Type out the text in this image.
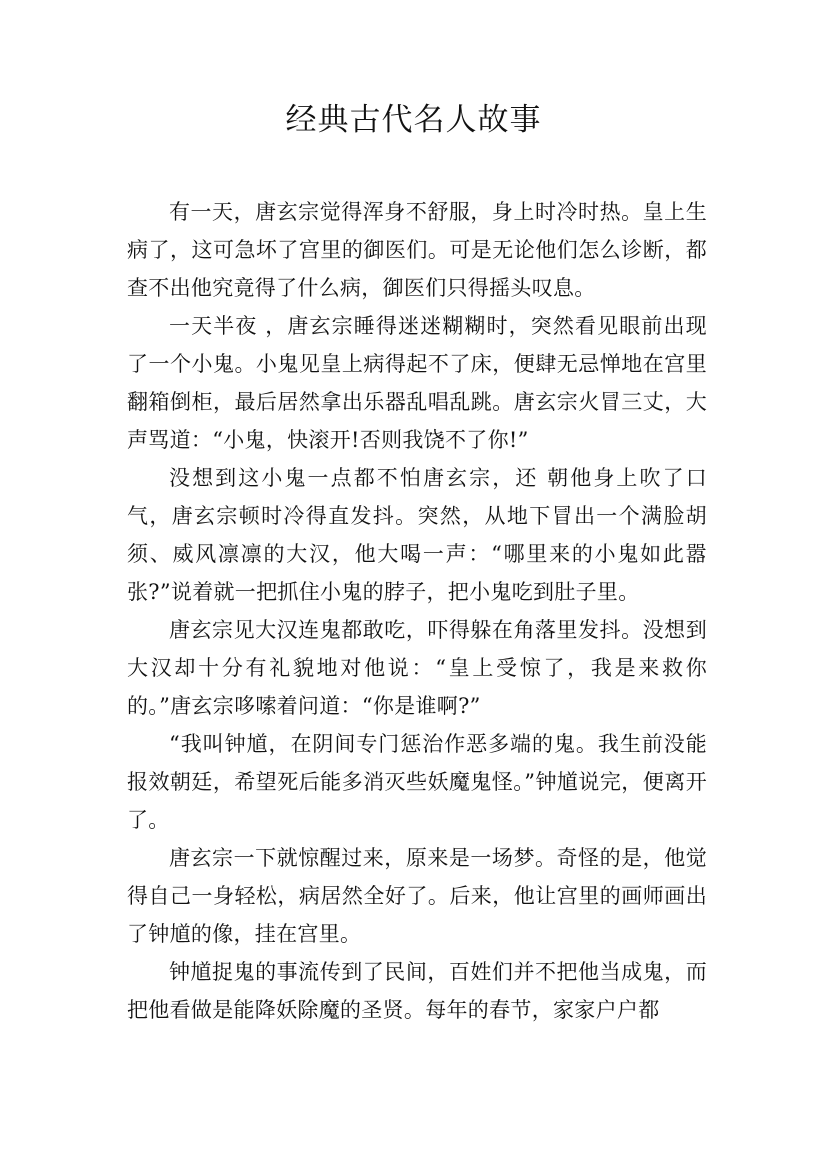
经典古代名人故事

有一天，唐玄宗觉得浑身不舒服，身上时冷时热。皇上生病了，这可急坏了宫里的御医们。可是无论他们怎么诊断，都查不出他究竟得了什么病，御医们只得摇头叹息。

一天半夜 ，唐玄宗睡得迷迷糊糊时，突然看见眼前出现了一个小鬼。小鬼见皇上病得起不了床，便肆无忌惮地在宫里翻箱倒柜，最后居然拿出乐器乱唱乱跳。唐玄宗火冒三丈，大声骂道：“小鬼，快滚开!否则我饶不了你!”

没想到这小鬼一点都不怕唐玄宗，还 朝他身上吹了口气，唐玄宗顿时冷得直发抖。突然，从地下冒出一个满脸胡须、威风凛凛的大汉，他大喝一声：“哪里来的小鬼如此嚣张?”说着就一把抓住小鬼的脖子，把小鬼吃到肚子里。

唐玄宗见大汉连鬼都敢吃，吓得躲在角落里发抖。没想到大汉却十分有礼貌地对他说：“皇上受惊了，我是来救你的。”唐玄宗哆嗦着问道：“你是谁啊?”

“我叫钟馗，在阴间专门惩治作恶多端的鬼。我生前没能报效朝廷，希望死后能多消灭些妖魔鬼怪。”钟馗说完，便离开了。

唐玄宗一下就惊醒过来，原来是一场梦。奇怪的是，他觉得自己一身轻松，病居然全好了。后来，他让宫里的画师画出了钟馗的像，挂在宫里。

钟馗捉鬼的事流传到了民间，百姓们并不把他当成鬼，而把他看做是能降妖除魔的圣贤。每年的春节，家家户户都
